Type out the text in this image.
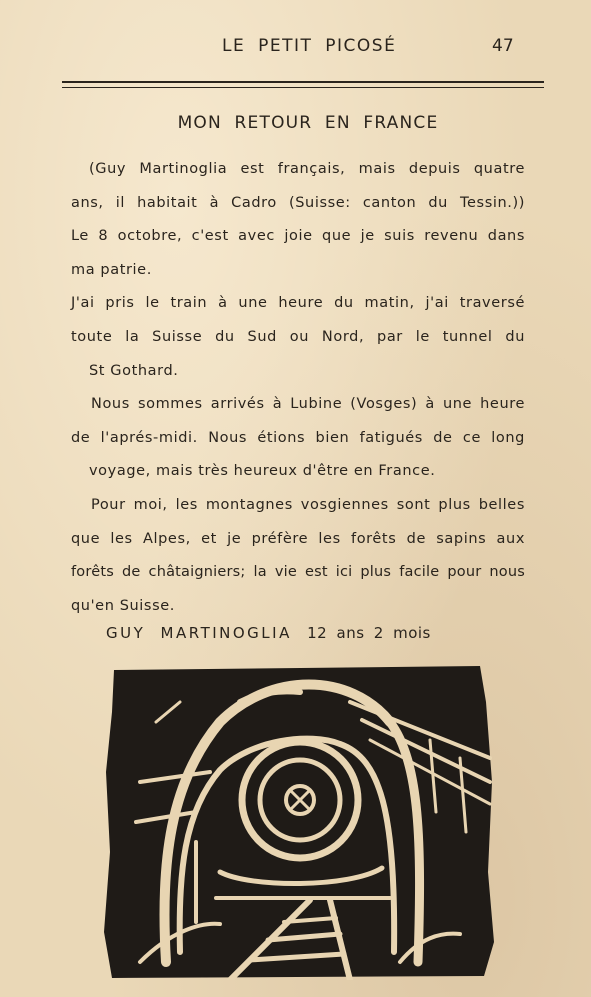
LE PETIT PICOSÉ	47
MON RETOUR EN FRANCE
(Guy Martinoglia est français, mais depuis quatre
ans, il habitait à Cadro (Suisse: canton du Tessin.))
Le 8 octobre, c'est avec joie que je suis revenu dans
ma patrie.
J'ai pris le train à une heure du matin, j'ai traversé
toute la Suisse du Sud ou Nord, par le tunnel du
St Gothard.
Nous sommes arrivés à Lubine (Vosges) à une heure
de l'aprés-midi. Nous étions bien fatigués de ce long
voyage, mais très heureux d'être en France.
Pour moi, les montagnes vosgiennes sont plus belles
que les Alpes, et je préfère les forêts de sapins aux
forêts de châtaigniers; la vie est ici plus facile pour nous
qu'en Suisse.
GUY MARTINOGLIA 12 ans 2 mois
